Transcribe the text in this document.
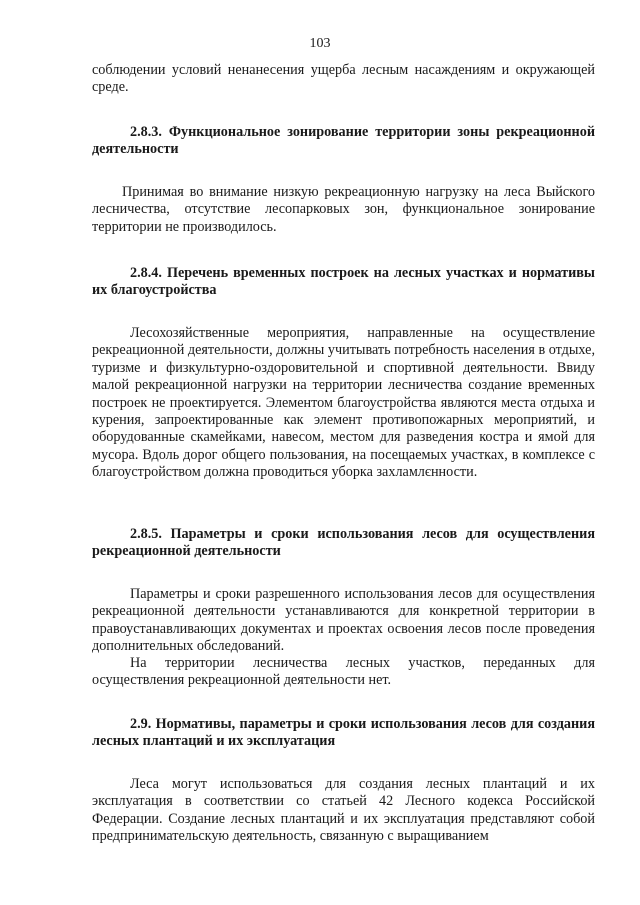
103

соблюдении условий ненанесения ущерба лесным насаждениям и окружающей среде.

2.8.3. Функциональное зонирование территории зоны рекреационной деятельности

Принимая во внимание низкую рекреационную нагрузку на леса Выйского лесничества, отсутствие лесопарковых зон, функциональное зонирование территории не производилось.

2.8.4. Перечень временных построек на лесных участках и нормативы их благоустройства

Лесохозяйственные мероприятия, направленные на осуществление рекреационной деятельности, должны учитывать потребность населения в отдыхе, туризме и физкультурно-оздоровительной и спортивной деятельности. Ввиду малой рекреационной нагрузки на территории лесничества создание временных построек не проектируется. Элементом благоустройства являются места отдыха и курения, запроектированные как элемент противопожарных мероприятий, и оборудованные скамейками, навесом, местом для разведения костра и ямой для мусора. Вдоль дорог общего пользования, на посещаемых участках, в комплексе с благоустройством должна проводиться уборка захламлєнности.

2.8.5. Параметры и сроки использования лесов для осуществления рекреационной деятельности

Параметры и сроки разрешенного использования лесов для осуществления рекреационной деятельности устанавливаются для конкретной территории в правоустанавливающих документах и проектах освоения лесов после проведения дополнительных обследований.

На территории лесничества лесных участков, переданных для осуществления рекреационной деятельности нет.

2.9. Нормативы, параметры и сроки использования лесов для создания лесных плантаций и их эксплуатация

Леса могут использоваться для создания лесных плантаций и их эксплуатация в соответствии со статьей 42 Лесного кодекса Российской Федерации. Создание лесных плантаций и их эксплуатация представляют собой предпринимательскую деятельность, связанную с выращиванием
